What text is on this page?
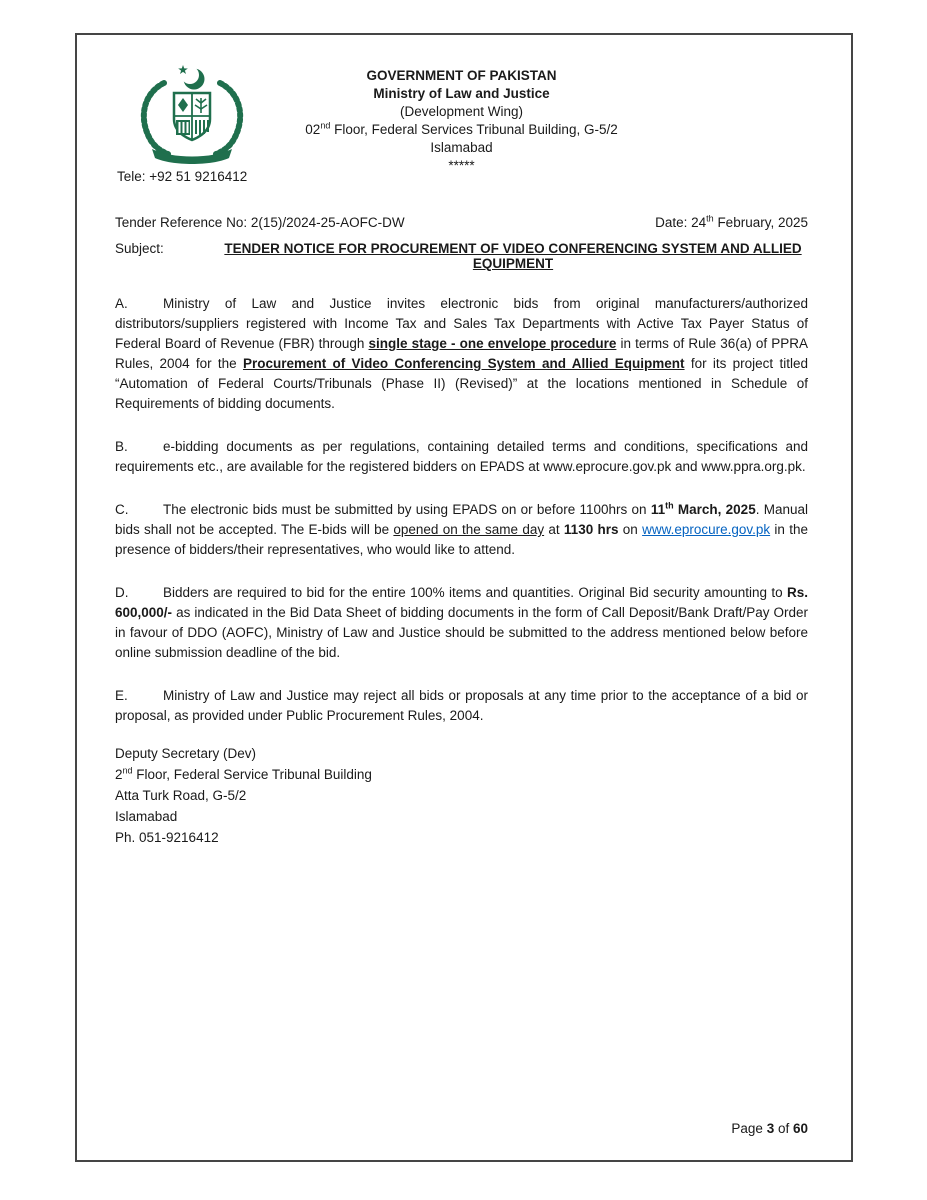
GOVERNMENT OF PAKISTAN
Ministry of Law and Justice
(Development Wing)
02nd Floor, Federal Services Tribunal Building, G-5/2
Islamabad
*****
Tele: +92 51 9216412
Tender Reference No: 2(15)/2024-25-AOFC-DW	Date: 24th February, 2025
Subject:	TENDER NOTICE FOR PROCUREMENT OF VIDEO CONFERENCING SYSTEM AND ALLIED EQUIPMENT
A.	Ministry of Law and Justice invites electronic bids from original manufacturers/authorized distributors/suppliers registered with Income Tax and Sales Tax Departments with Active Tax Payer Status of Federal Board of Revenue (FBR) through single stage - one envelope procedure in terms of Rule 36(a) of PPRA Rules, 2004 for the Procurement of Video Conferencing System and Allied Equipment for its project titled “Automation of Federal Courts/Tribunals (Phase II) (Revised)” at the locations mentioned in Schedule of Requirements of bidding documents.
B.	e-bidding documents as per regulations, containing detailed terms and conditions, specifications and requirements etc., are available for the registered bidders on EPADS at www.eprocure.gov.pk and www.ppra.org.pk.
C.	The electronic bids must be submitted by using EPADS on or before 1100hrs on 11th March, 2025. Manual bids shall not be accepted. The E-bids will be opened on the same day at 1130 hrs on www.eprocure.gov.pk in the presence of bidders/their representatives, who would like to attend.
D.	Bidders are required to bid for the entire 100% items and quantities. Original Bid security amounting to Rs. 600,000/- as indicated in the Bid Data Sheet of bidding documents in the form of Call Deposit/Bank Draft/Pay Order in favour of DDO (AOFC), Ministry of Law and Justice should be submitted to the address mentioned below before online submission deadline of the bid.
E.	Ministry of Law and Justice may reject all bids or proposals at any time prior to the acceptance of a bid or proposal, as provided under Public Procurement Rules, 2004.
Deputy Secretary (Dev)
2nd Floor, Federal Service Tribunal Building
Atta Turk Road, G-5/2
Islamabad
Ph. 051-9216412
Page 3 of 60
